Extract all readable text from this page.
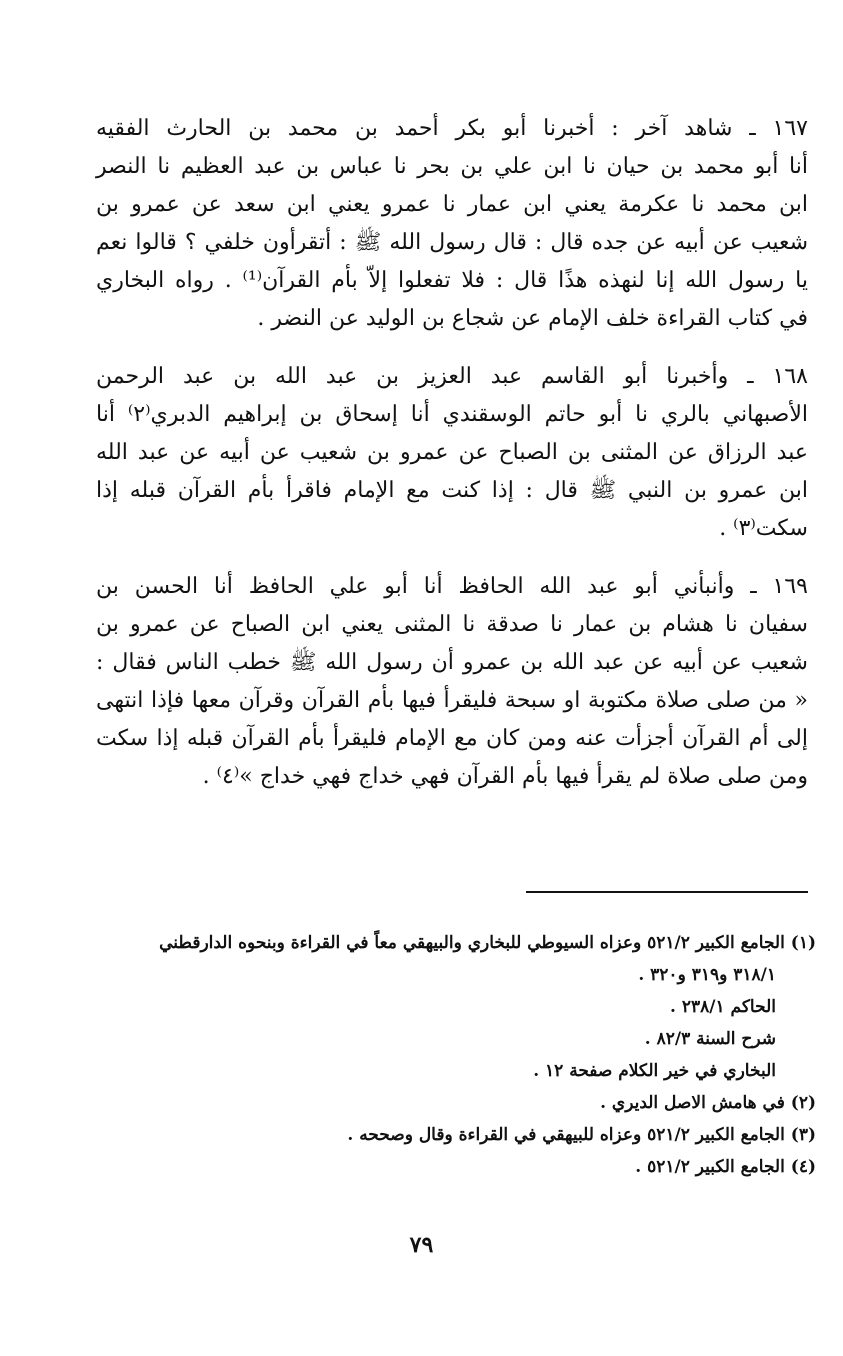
١٦٧ ـ شاهد آخر : أخبرنا أبو بكر أحمد بن محمد بن الحارث الفقيه
أنا أبو محمد بن حيان نا ابن علي بن بحر نا عباس بن عبد العظيم نا النصر
ابن محمد نا عكرمة يعني ابن عمار نا عمرو يعني ابن سعد عن عمرو بن
شعيب عن أبيه عن جده قال : قال رسول الله ﷺ : أتقرأون خلفي ؟ قالوا نعم
يا رسول الله إنا لنهذه هذًا قال : فلا تفعلوا إلاّ بأم القرآن⁽¹⁾ . رواه البخاري
في كتاب القراءة خلف الإمام عن شجاع بن الوليد عن النضر .

١٦٨ ـ وأخبرنا أبو القاسم عبد العزيز بن عبد الله بن عبد الرحمن
الأصبهاني بالري نا أبو حاتم الوسقندي أنا إسحاق بن إبراهيم الدبري⁽٢⁾ أنا
عبد الرزاق عن المثنى بن الصباح عن عمرو بن شعيب عن أبيه عن عبد الله
ابن عمرو بن النبي ﷺ قال : إذا كنت مع الإمام فاقرأ بأم القرآن قبله إذا
سكت⁽٣⁾ .

١٦٩ ـ وأنبأني أبو عبد الله الحافظ أنا أبو علي الحافظ أنا الحسن بن
سفيان نا هشام بن عمار نا صدقة نا المثنى يعني ابن الصباح عن عمرو بن
شعيب عن أبيه عن عبد الله بن عمرو أن رسول الله ﷺ خطب الناس فقال :
« من صلى صلاة مكتوبة او سبحة فليقرأ فيها بأم القرآن وقرآن معها فإذا انتهى
إلى أم القرآن أجزأت عنه ومن كان مع الإمام فليقرأ بأم القرآن قبله إذا سكت
ومن صلى صلاة لم يقرأ فيها بأم القرآن فهي خداج فهي خداج »⁽٤⁾ .

(١) الجامع الكبير ٥٢١/٢ وعزاه السيوطي للبخاري والبيهقي معاً في القراءة وبنحوه الدارقطني
٣١٨/١ و٣١٩ و٣٢٠ .
الحاكم ٢٣٨/١ .
شرح السنة ٨٢/٣ .
البخاري في خير الكلام صفحة ١٢ .
(٢) في هامش الاصل الديري .
(٣) الجامع الكبير ٥٢١/٢ وعزاه للبيهقي في القراءة وقال وصححه .
(٤) الجامع الكبير ٥٢١/٢ .
٧٩
